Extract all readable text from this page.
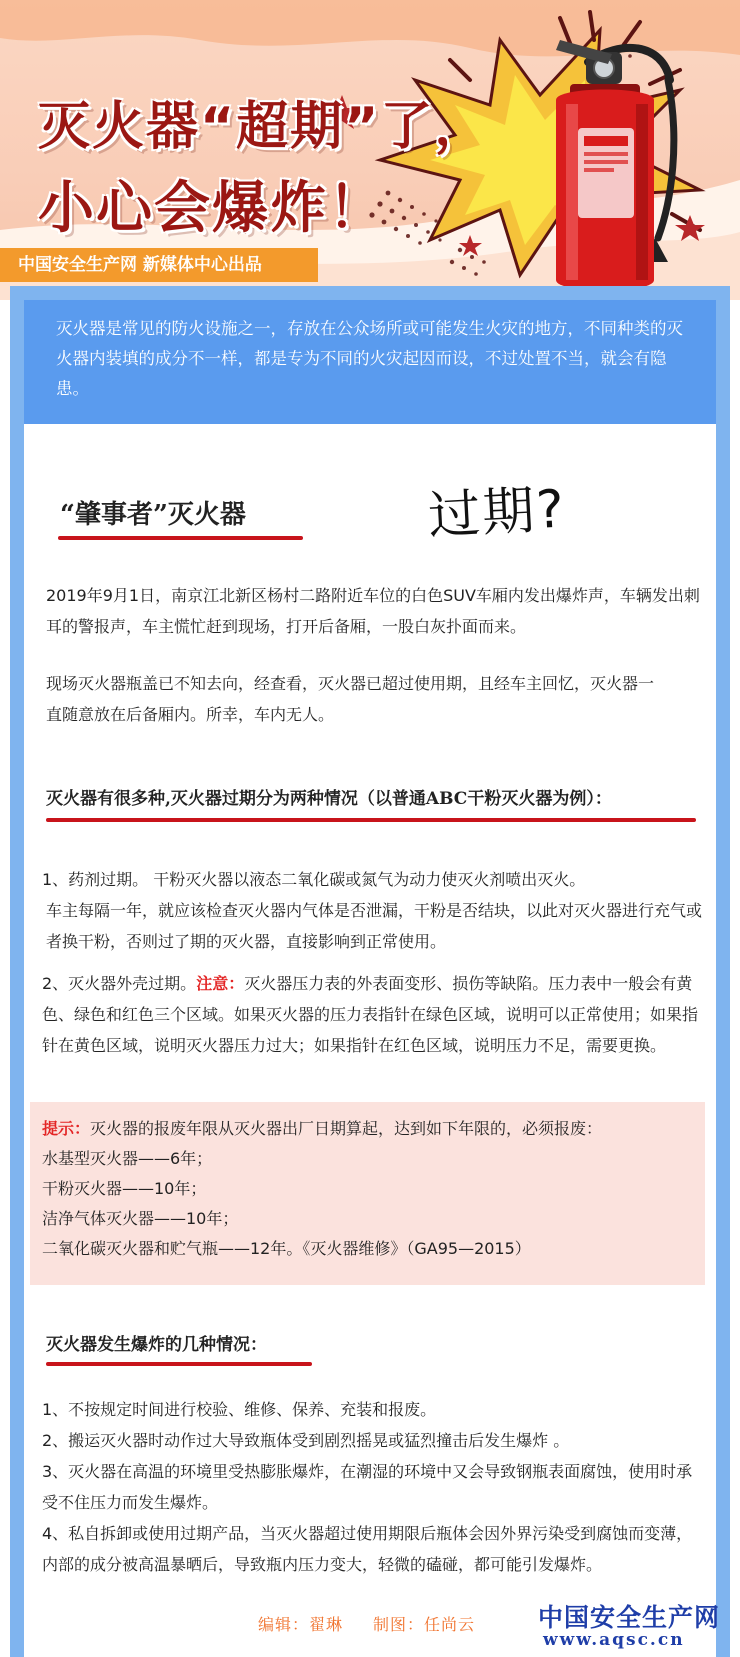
灭火器“超期”了，
小心会爆炸！
中国安全生产网 新媒体中心出品

灭火器是常见的防火设施之一，存放在公众场所或可能发生火灾的地方，不同种类的灭火器内装填的成分不一样，都是专为不同的火灾起因而设，不过处置不当，就会有隐患。

“肇事者”灭火器	过期?

2019年9月1日，南京江北新区杨村二路附近车位的白色SUV车厢内发出爆炸声，车辆发出刺耳的警报声，车主慌忙赶到现场，打开后备厢，一股白灰扑面而来。

现场灭火器瓶盖已不知去向，经查看，灭火器已超过使用期，且经车主回忆，灭火器一直随意放在后备厢内。所幸，车内无人。

灭火器有很多种,灭火器过期分为两种情况（以普通ABC干粉灭火器为例）：

1、药剂过期。 干粉灭火器以液态二氧化碳或氮气为动力使灭火剂喷出灭火。

车主每隔一年，就应该检查灭火器内气体是否泄漏，干粉是否结块，以此对灭火器进行充气或者换干粉，否则过了期的灭火器，直接影响到正常使用。

2、灭火器外壳过期。注意：灭火器压力表的外表面变形、损伤等缺陷。压力表中一般会有黄色、绿色和红色三个区域。如果灭火器的压力表指针在绿色区域，说明可以正常使用；如果指针在黄色区域，说明灭火器压力过大；如果指针在红色区域，说明压力不足，需要更换。

提示：灭火器的报废年限从灭火器出厂日期算起，达到如下年限的，必须报废：
水基型灭火器——6年；
干粉灭火器——10年；
洁净气体灭火器——10年；
二氧化碳灭火器和贮气瓶——12年。《灭火器维修》（GA95—2015）
灭火器发生爆炸的几种情况：

1、不按规定时间进行校验、维修、保养、充装和报废。

2、搬运灭火器时动作过大导致瓶体受到剧烈摇晃或猛烈撞击后发生爆炸 。

3、灭火器在高温的环境里受热膨胀爆炸，在潮湿的环境中又会导致钢瓶表面腐蚀，使用时承受不住压力而发生爆炸。

4、私自拆卸或使用过期产品，当灭火器超过使用期限后瓶体会因外界污染受到腐蚀而变薄，内部的成分被高温暴晒后，导致瓶内压力变大，轻微的磕碰，都可能引发爆炸。

编辑：翟琳 制图：任尚云	中国安全生产网
www.aqsc.cn
